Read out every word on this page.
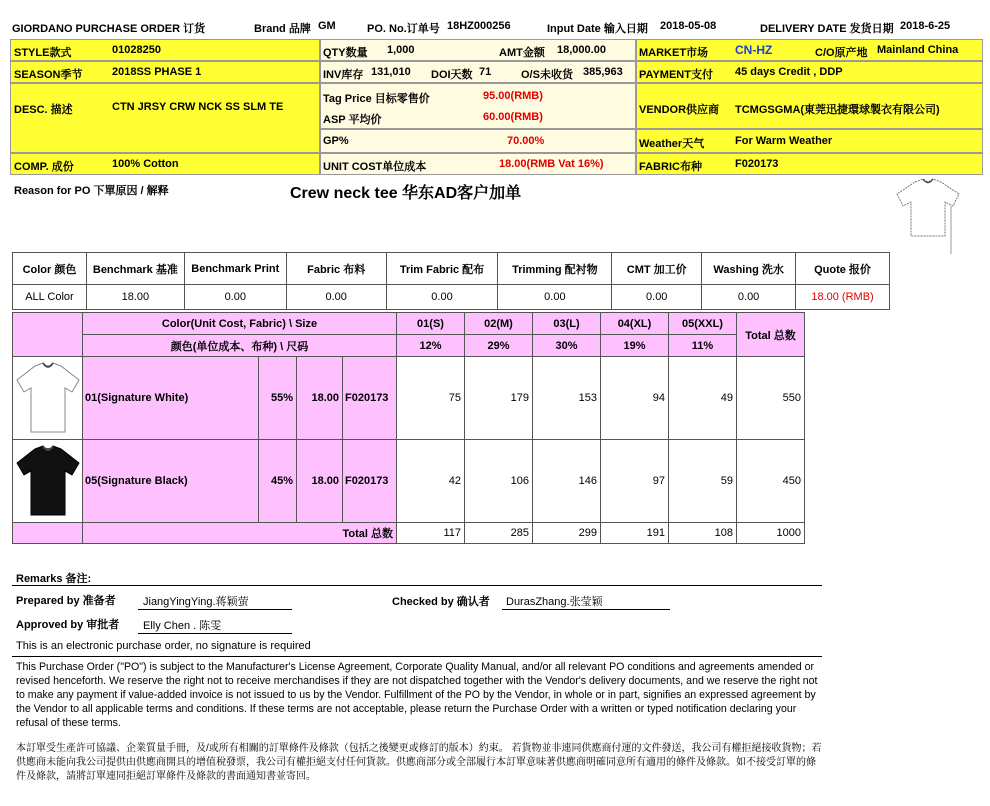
GIORDANO PURCHASE ORDER 订货	Brand 品牌 GM	PO. No.订单号 18HZ000256	Input Date 输入日期 2018-05-08	DELIVERY DATE 发货日期 2018-6-25
STYLE款式	01028250
SEASON季节	2018SS PHASE 1
DESC. 描述	CTN JRSY CRW NCK SS SLM TE
COMP. 成份	100% Cotton
QTY数量 1,000	AMT金额 18,000.00
INV库存 131,010 DOI天数 71	O/S未收货 385,963
Tag Price 目标零售价	95.00(RMB)
ASP 平均价	60.00(RMB)
GP%	70.00%
UNIT COST单位成本	18.00(RMB Vat 16%)
MARKET市场 CN-HZ	C/O原产地 Mainland China
PAYMENT支付 45 days Credit , DDP
VENDOR供应商 TCMGSGMA(東莞迅捷環球製衣有限公司)
Weather天气	For Warm Weather
FABRIC布种	F020173
Reason for PO 下單原因 / 解释	Crew neck tee 华东AD客户加单
Color 颜色	Benchmark 基准	Benchmark Print	Fabric 布料	Trim Fabric 配布	Trimming 配衬物	CMT 加工价	Washing 洗水	Quote 报价
ALL Color	18.00	0.00	0.00	0.00	0.00	0.00	0.00	18.00 (RMB)
	Color(Unit Cost, Fabric) \ Size				01(S)	02(M)	03(L)	04(XL)	05(XXL)	Total 总数
	颜色(单位成本、布种) \ 尺码				12%	29%	30%	19%	11%	

	01(Signature White)	55%	18.00	F020173	75	179	153	94	49	550

	05(Signature Black)	45%	18.00	F020173	42	106	146	97	59	450
	Total 总数				117	285	299	191	108	1000
Remarks 备注:
Prepared by 准备者 JiangYingYing.蒋颖萤	Checked by 确认者 DurasZhang.张莹颖
Approved by 审批者 Elly Chen . 陈雯
This is an electronic purchase order, no signature is required
This Purchase Order ("PO") is subject to the Manufacturer's License Agreement, Corporate Quality Manual, and/or all relevant PO conditions and agreements amended or revised henceforth. We reserve the right not to receive merchandises if they are not dispatched together with the Vendor's delivery documents, and we reserve the right not to make any payment if value-added invoice is not issued to us by the Vendor. Fulfillment of the PO by the Vendor, in whole or in part, signifies an expressed agreement by the Vendor to all applicable terms and conditions. If these terms are not acceptable, please return the Purchase Order with a written or typed notification declaring your refusal of these terms.
本訂單受生產許可協議、企業質量手冊，及/或所有相關的訂單條件及條款（包括之後變更或修訂的版本）約束。 若貨物並非連同供應商付運的文件發送，我公司有權拒絕接收貨物；若供應商未能向我公司提供由供應商開具的增值稅發票，我公司有權拒絕支付任何貨款。供應商部分或全部履行本訂單意味著供應商明確同意所有適用的條件及條款。如不接受訂單的條件及條款，請將訂單連同拒絕訂單條件及條款的書面通知書並寄回。
